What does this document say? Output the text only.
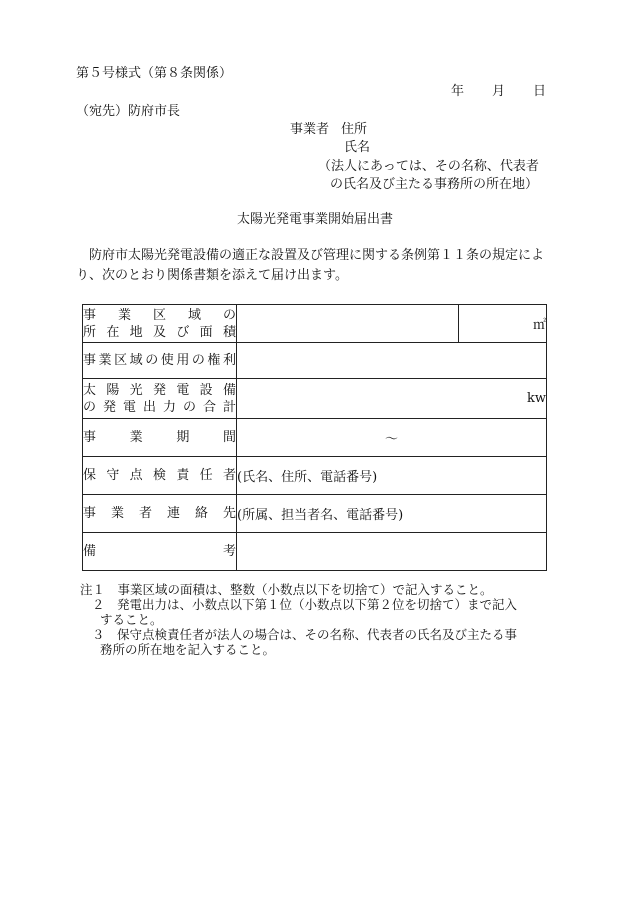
第５号様式（第８条関係）
年 月 日
（宛先）防府市長
事業者 住所
氏名
（法人にあっては、その名称、代表者
の氏名及び主たる事務所の所在地）
太陽光発電事業開始届出書
防府市太陽光発電設備の適正な設置及び管理に関する条例第１１条の規定により、次のとおり関係書類を添えて届け出ます。
事　業　区　域　の
所 在 地 及 び 面 積		㎡

事業区域の使用の権利		

太 陽 光 発 電 設 備
の 発 電 出 力 の 合 計	kw	

事　　業　　期　　間	～	

保 守 点 検 責 任 者	(氏名、住所、電話番号)	

事 業 者 連 絡 先	(所属、担当者名、電話番号)	

備　　　　　　　考		

注１　事業区域の面積は、整数（小数点以下を切捨て）で記入すること。
２　発電出力は、小数点以下第１位（小数点以下第２位を切捨て）まで記入
すること。
３　保守点検責任者が法人の場合は、その名称、代表者の氏名及び主たる事
務所の所在地を記入すること。
